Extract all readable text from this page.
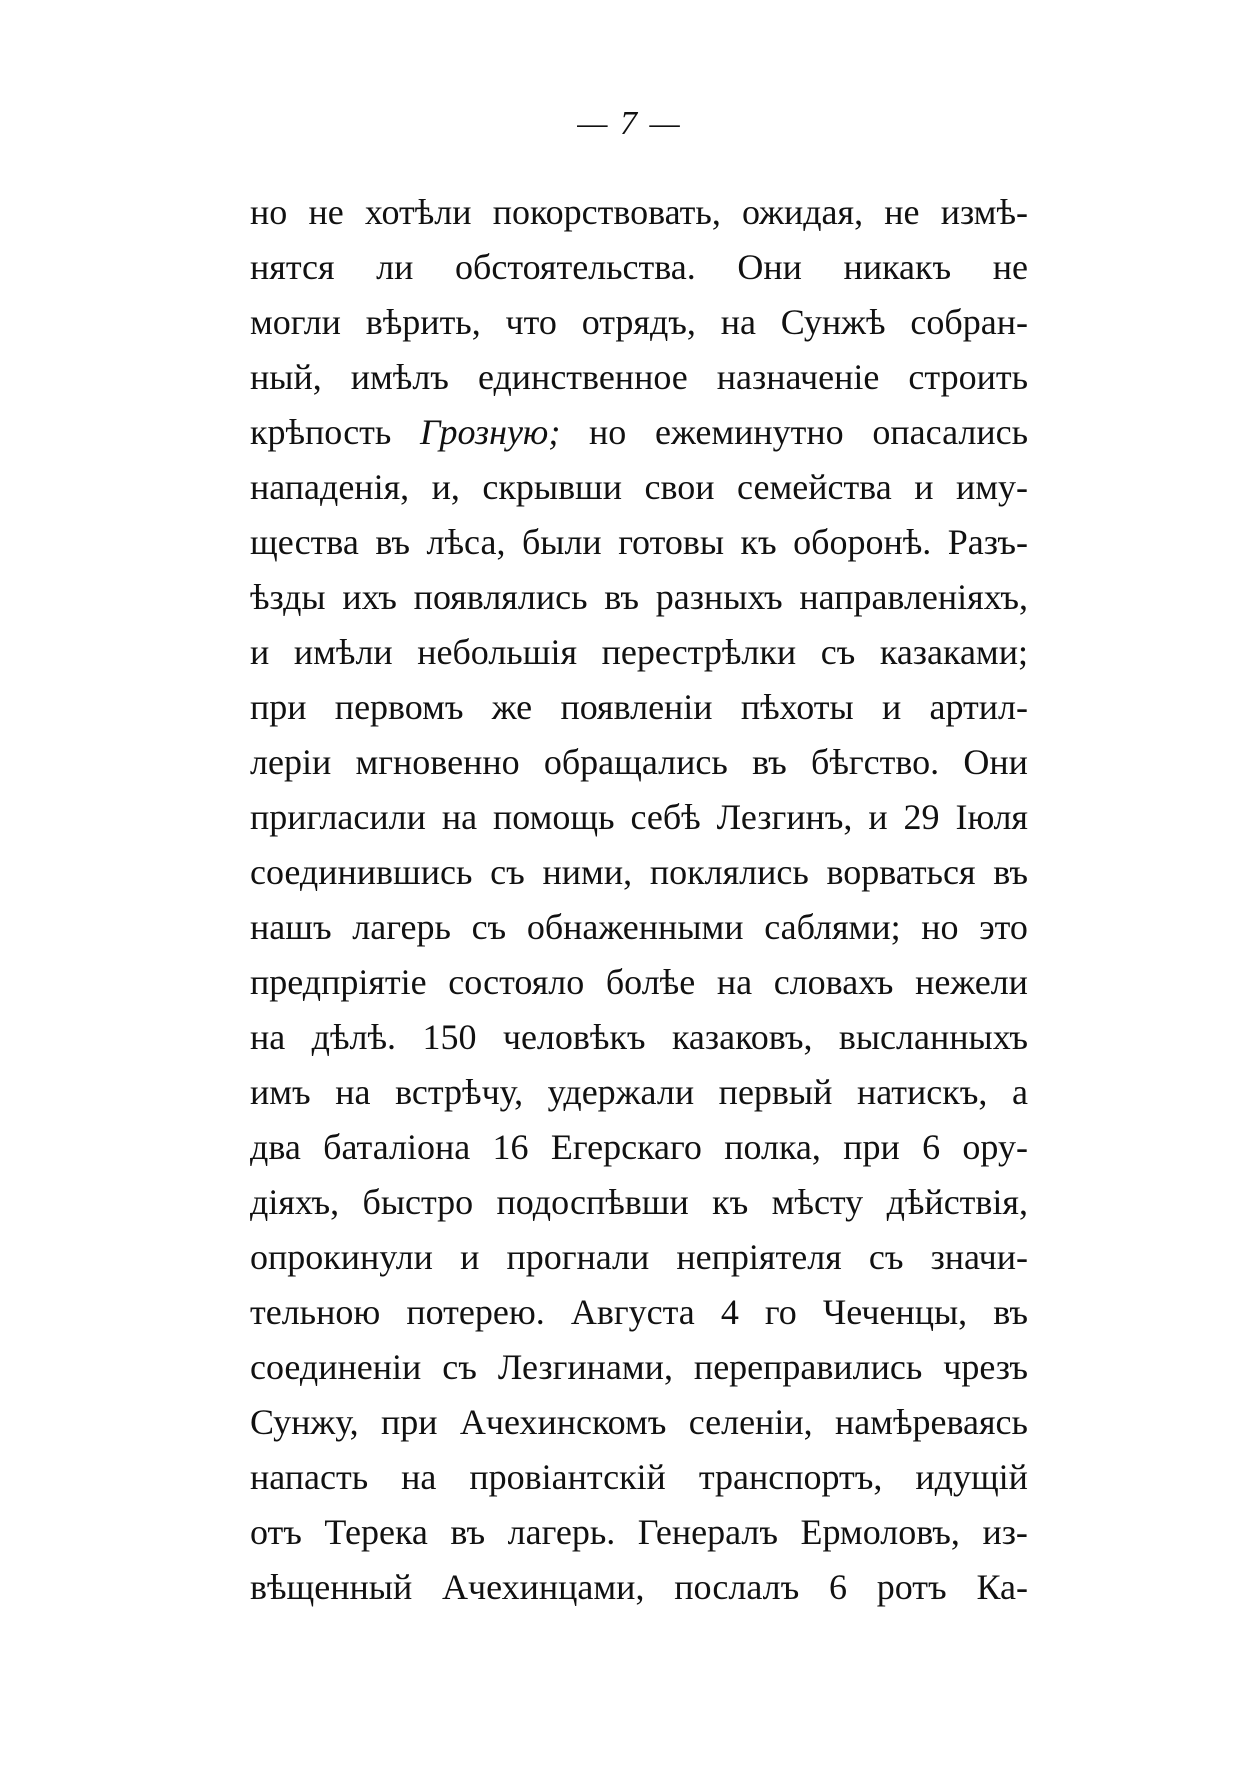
— 7 —
но не хотѣли покорствовать, ожидая, не измѣ-
нятся ли обстоятельства. Они никакъ не
могли вѣрить, что отрядъ, на Сунжѣ собран-
ный, имѣлъ единственное назначеніе строить
крѣпость Грозную; но ежеминутно опасались
нападенія, и, скрывши свои семейства и иму-
щества въ лѣса, были готовы къ оборонѣ. Разъ-
ѣзды ихъ появлялись въ разныхъ направленіяхъ,
и имѣли небольшія перестрѣлки съ казаками;
при первомъ же появленіи пѣхоты и артил-
леріи мгновенно обращались въ бѣгство. Они
пригласили на помощь себѣ Лезгинъ, и 29 Іюля
соединившись съ ними, поклялись ворваться въ
нашъ лагерь съ обнаженными саблями; но это
предпріятіе состояло болѣе на словахъ нежели
на дѣлѣ. 150 человѣкъ казаковъ, высланныхъ
имъ на встрѣчу, удержали первый натискъ, а
два баталіона 16 Егерскаго полка, при 6 ору-
діяхъ, быстро подоспѣвши къ мѣсту дѣйствія,
опрокинули и прогнали непріятеля съ значи-
тельною потерею. Августа 4 го Чеченцы, въ
соединеніи съ Лезгинами, переправились чрезъ
Сунжу, при Ачехинскомъ селеніи, намѣреваясь
напасть на провіантскій транспортъ, идущій
отъ Терека въ лагерь. Генералъ Ермоловъ, из-
вѣщенный Ачехинцами, послалъ 6 ротъ Ка-
